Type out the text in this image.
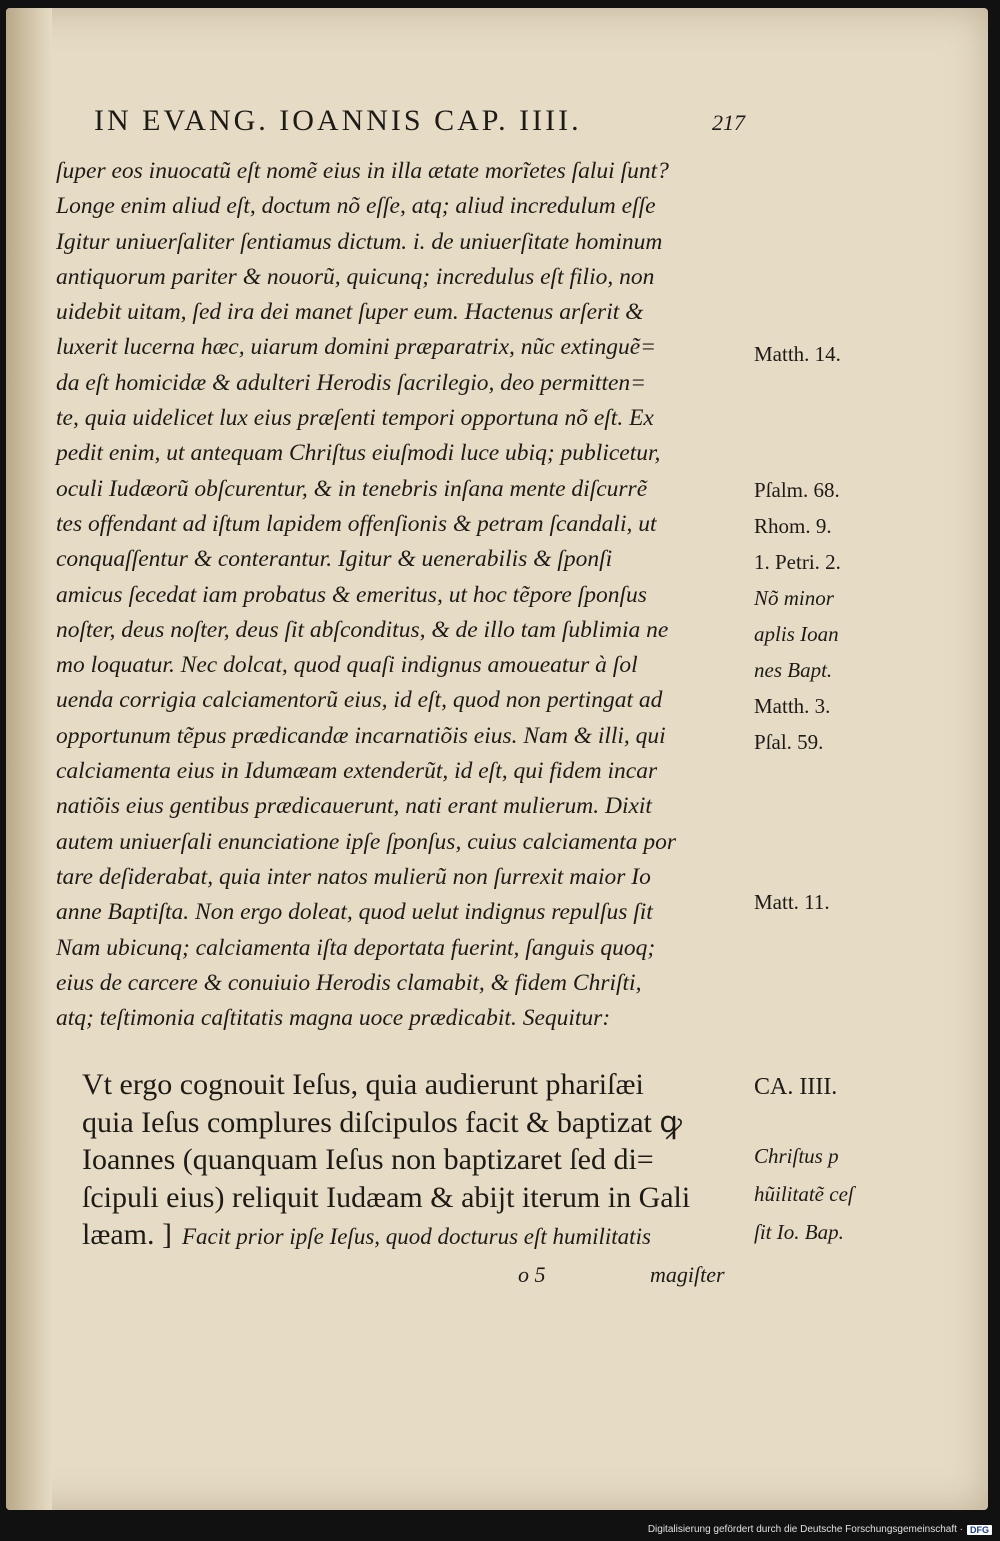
IN EVANG. IOANNIS CAP. IIII.	217
ſuper eos inuocatũ eſt nomẽ eius in illa ætate morĩetes ſalui ſunt?
Longe enim aliud eſt, doctum nõ eſſe, atq; aliud incredulum eſſe
Igitur uniuerſaliter ſentiamus dictum. i. de uniuerſitate hominum
antiquorum pariter & nouorũ, quicunq; incredulus eſt filio, non
uidebit uitam, ſed ira dei manet ſuper eum. Hactenus arſerit &
luxerit lucerna hæc, uiarum domini præparatrix, nũc extinguẽ=
da eſt homicidæ & adulteri Herodis ſacrilegio, deo permitten=
te, quia uidelicet lux eius præſenti tempori opportuna nõ eſt. Ex
pedit enim, ut antequam Chriſtus eiuſmodi luce ubiq; publicetur,
oculi Iudæorũ obſcurentur, & in tenebris inſana mente diſcurrẽ
tes offendant ad iſtum lapidem offenſionis & petram ſcandali, ut
conquaſſentur & conterantur. Igitur & uenerabilis & ſponſi
amicus ſecedat iam probatus & emeritus, ut hoc tẽpore ſponſus
noſter, deus noſter, deus ſit abſconditus, & de illo tam ſublimia ne
mo loquatur. Nec dolcat, quod quaſi indignus amoueatur à ſol
uenda corrigia calciamentorũ eius, id eſt, quod non pertingat ad
opportunum tẽpus prædicandæ incarnatiõis eius. Nam & illi, qui
calciamenta eius in Idumæam extenderũt, id eſt, qui fidem incar
natiõis eius gentibus prædicauerunt, nati erant mulierum. Dixit
autem uniuerſali enunciatione ipſe ſponſus, cuius calciamenta por
tare deſiderabat, quia inter natos mulierũ non ſurrexit maior Io
anne Baptiſta. Non ergo doleat, quod uelut indignus repulſus ſit
Nam ubicunq; calciamenta iſta deportata fuerint, ſanguis quoq;
eius de carcere & conuiuio Herodis clamabit, & fidem Chriſti,
atq; teſtimonia caſtitatis magna uoce prædicabit. Sequitur:
Vt ergo cognouit Ieſus, quia audierunt phariſæi
quia Ieſus complures diſcipulos facit & baptizat ꝙ
Ioannes (quanquam Ieſus non baptizaret ſed di=
ſcipuli eius) reliquit Iudæam & abijt iterum in Gali
læam. ] Facit prior ipſe Ieſus, quod docturus eſt humilitatis
o 5	magiſter
Matth. 14.
Pſalm. 68.
Rhom. 9.
1. Petri. 2.
Nõ minor
aplis Ioan
nes Bapt.
Matth. 3.
Pſal. 59.
Matt. 11.
CA. IIII.
Chriſtus p
hũilitatẽ ceſ
ſit Io. Bap.
Digitalisierung gefördert durch die Deutsche Forschungsgemeinschaft · DFG
